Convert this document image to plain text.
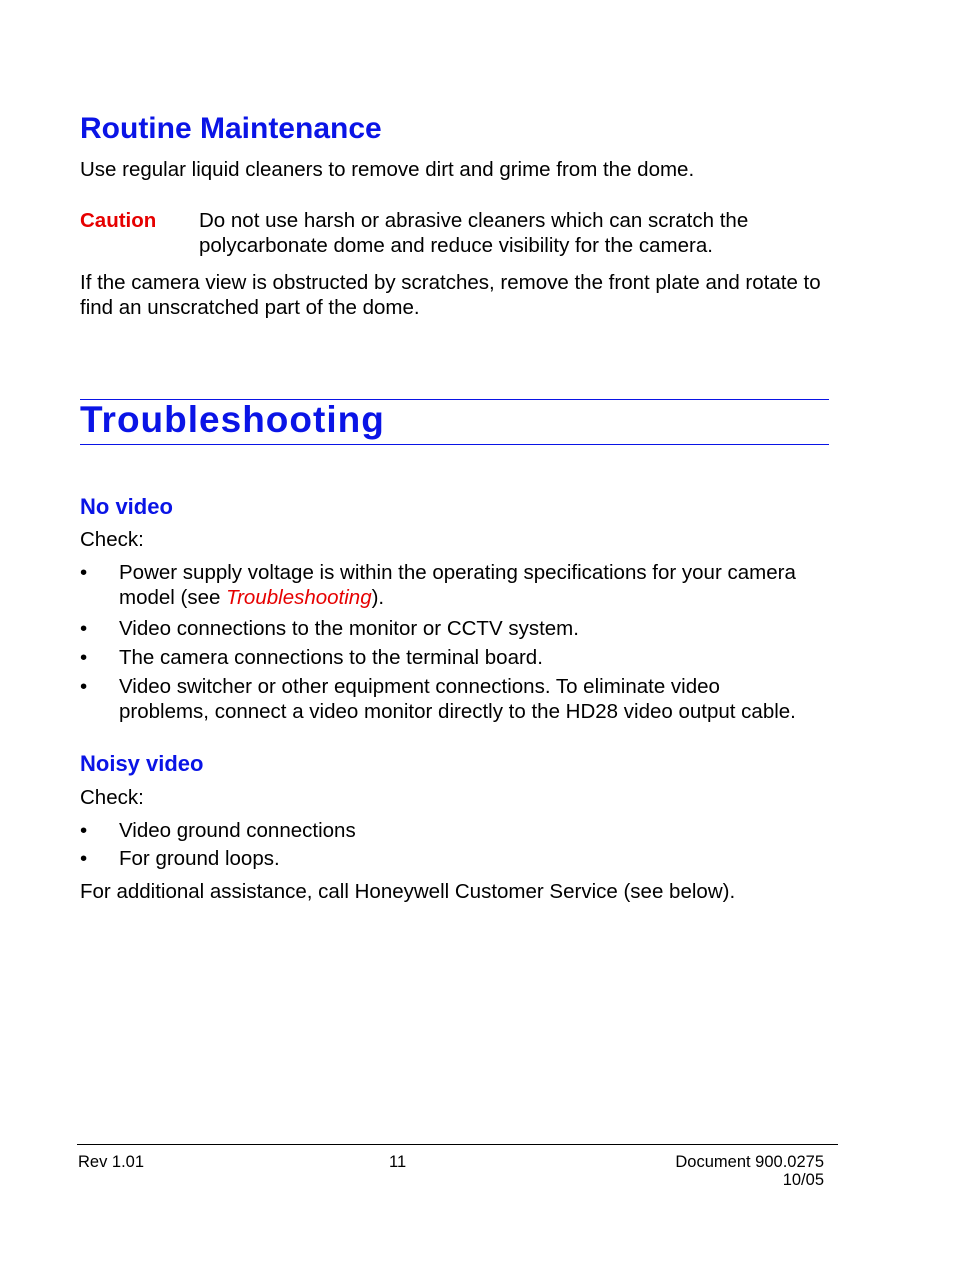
Routine Maintenance
Use regular liquid cleaners to remove dirt and grime from the dome.
Caution Do not use harsh or abrasive cleaners which can scratch the
polycarbonate dome and reduce visibility for the camera.
If the camera view is obstructed by scratches, remove the front plate and rotate to
find an unscratched part of the dome.
Troubleshooting
No video
Check:
• Power supply voltage is within the operating specifications for your camera
model (see Troubleshooting).
• Video connections to the monitor or CCTV system.
• The camera connections to the terminal board.
• Video switcher or other equipment connections. To eliminate video
problems, connect a video monitor directly to the HD28 video output cable.
Noisy video
Check:
• Video ground connections
• For ground loops.
For additional assistance, call Honeywell Customer Service (see below).
Rev 1.01	11	Document 900.0275
10/05
